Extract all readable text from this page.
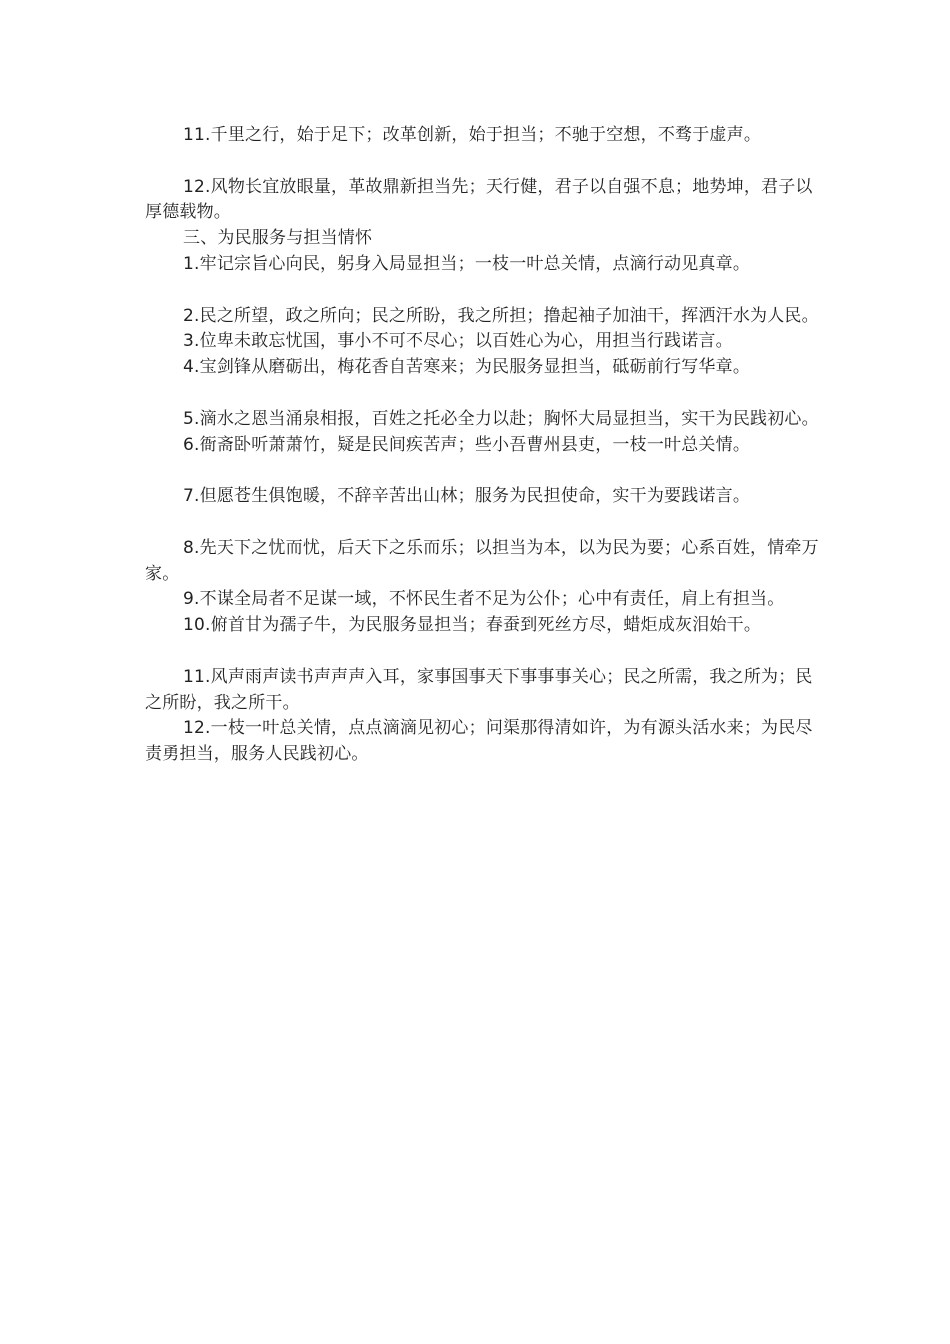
11.千里之行，始于足下；改革创新，始于担当；不驰于空想，不骛于虚声。

12.风物长宜放眼量，革故鼎新担当先；天行健，君子以自强不息；地势坤，君子以厚德载物。

三、为民服务与担当情怀

1.牢记宗旨心向民，躬身入局显担当；一枝一叶总关情，点滴行动见真章。

2.民之所望，政之所向；民之所盼，我之所担；撸起袖子加油干，挥洒汗水为人民。

3.位卑未敢忘忧国，事小不可不尽心；以百姓心为心，用担当行践诺言。

4.宝剑锋从磨砺出，梅花香自苦寒来；为民服务显担当，砥砺前行写华章。

5.滴水之恩当涌泉相报，百姓之托必全力以赴；胸怀大局显担当，实干为民践初心。

6.衙斋卧听萧萧竹，疑是民间疾苦声；些小吾曹州县吏，一枝一叶总关情。

7.但愿苍生俱饱暖，不辞辛苦出山林；服务为民担使命，实干为要践诺言。

8.先天下之忧而忧，后天下之乐而乐；以担当为本，以为民为要；心系百姓，情牵万家。

9.不谋全局者不足谋一域，不怀民生者不足为公仆；心中有责任，肩上有担当。

10.俯首甘为孺子牛，为民服务显担当；春蚕到死丝方尽，蜡炬成灰泪始干。

11.风声雨声读书声声声入耳，家事国事天下事事事关心；民之所需，我之所为；民之所盼，我之所干。

12.一枝一叶总关情，点点滴滴见初心；问渠那得清如许，为有源头活水来；为民尽责勇担当，服务人民践初心。
